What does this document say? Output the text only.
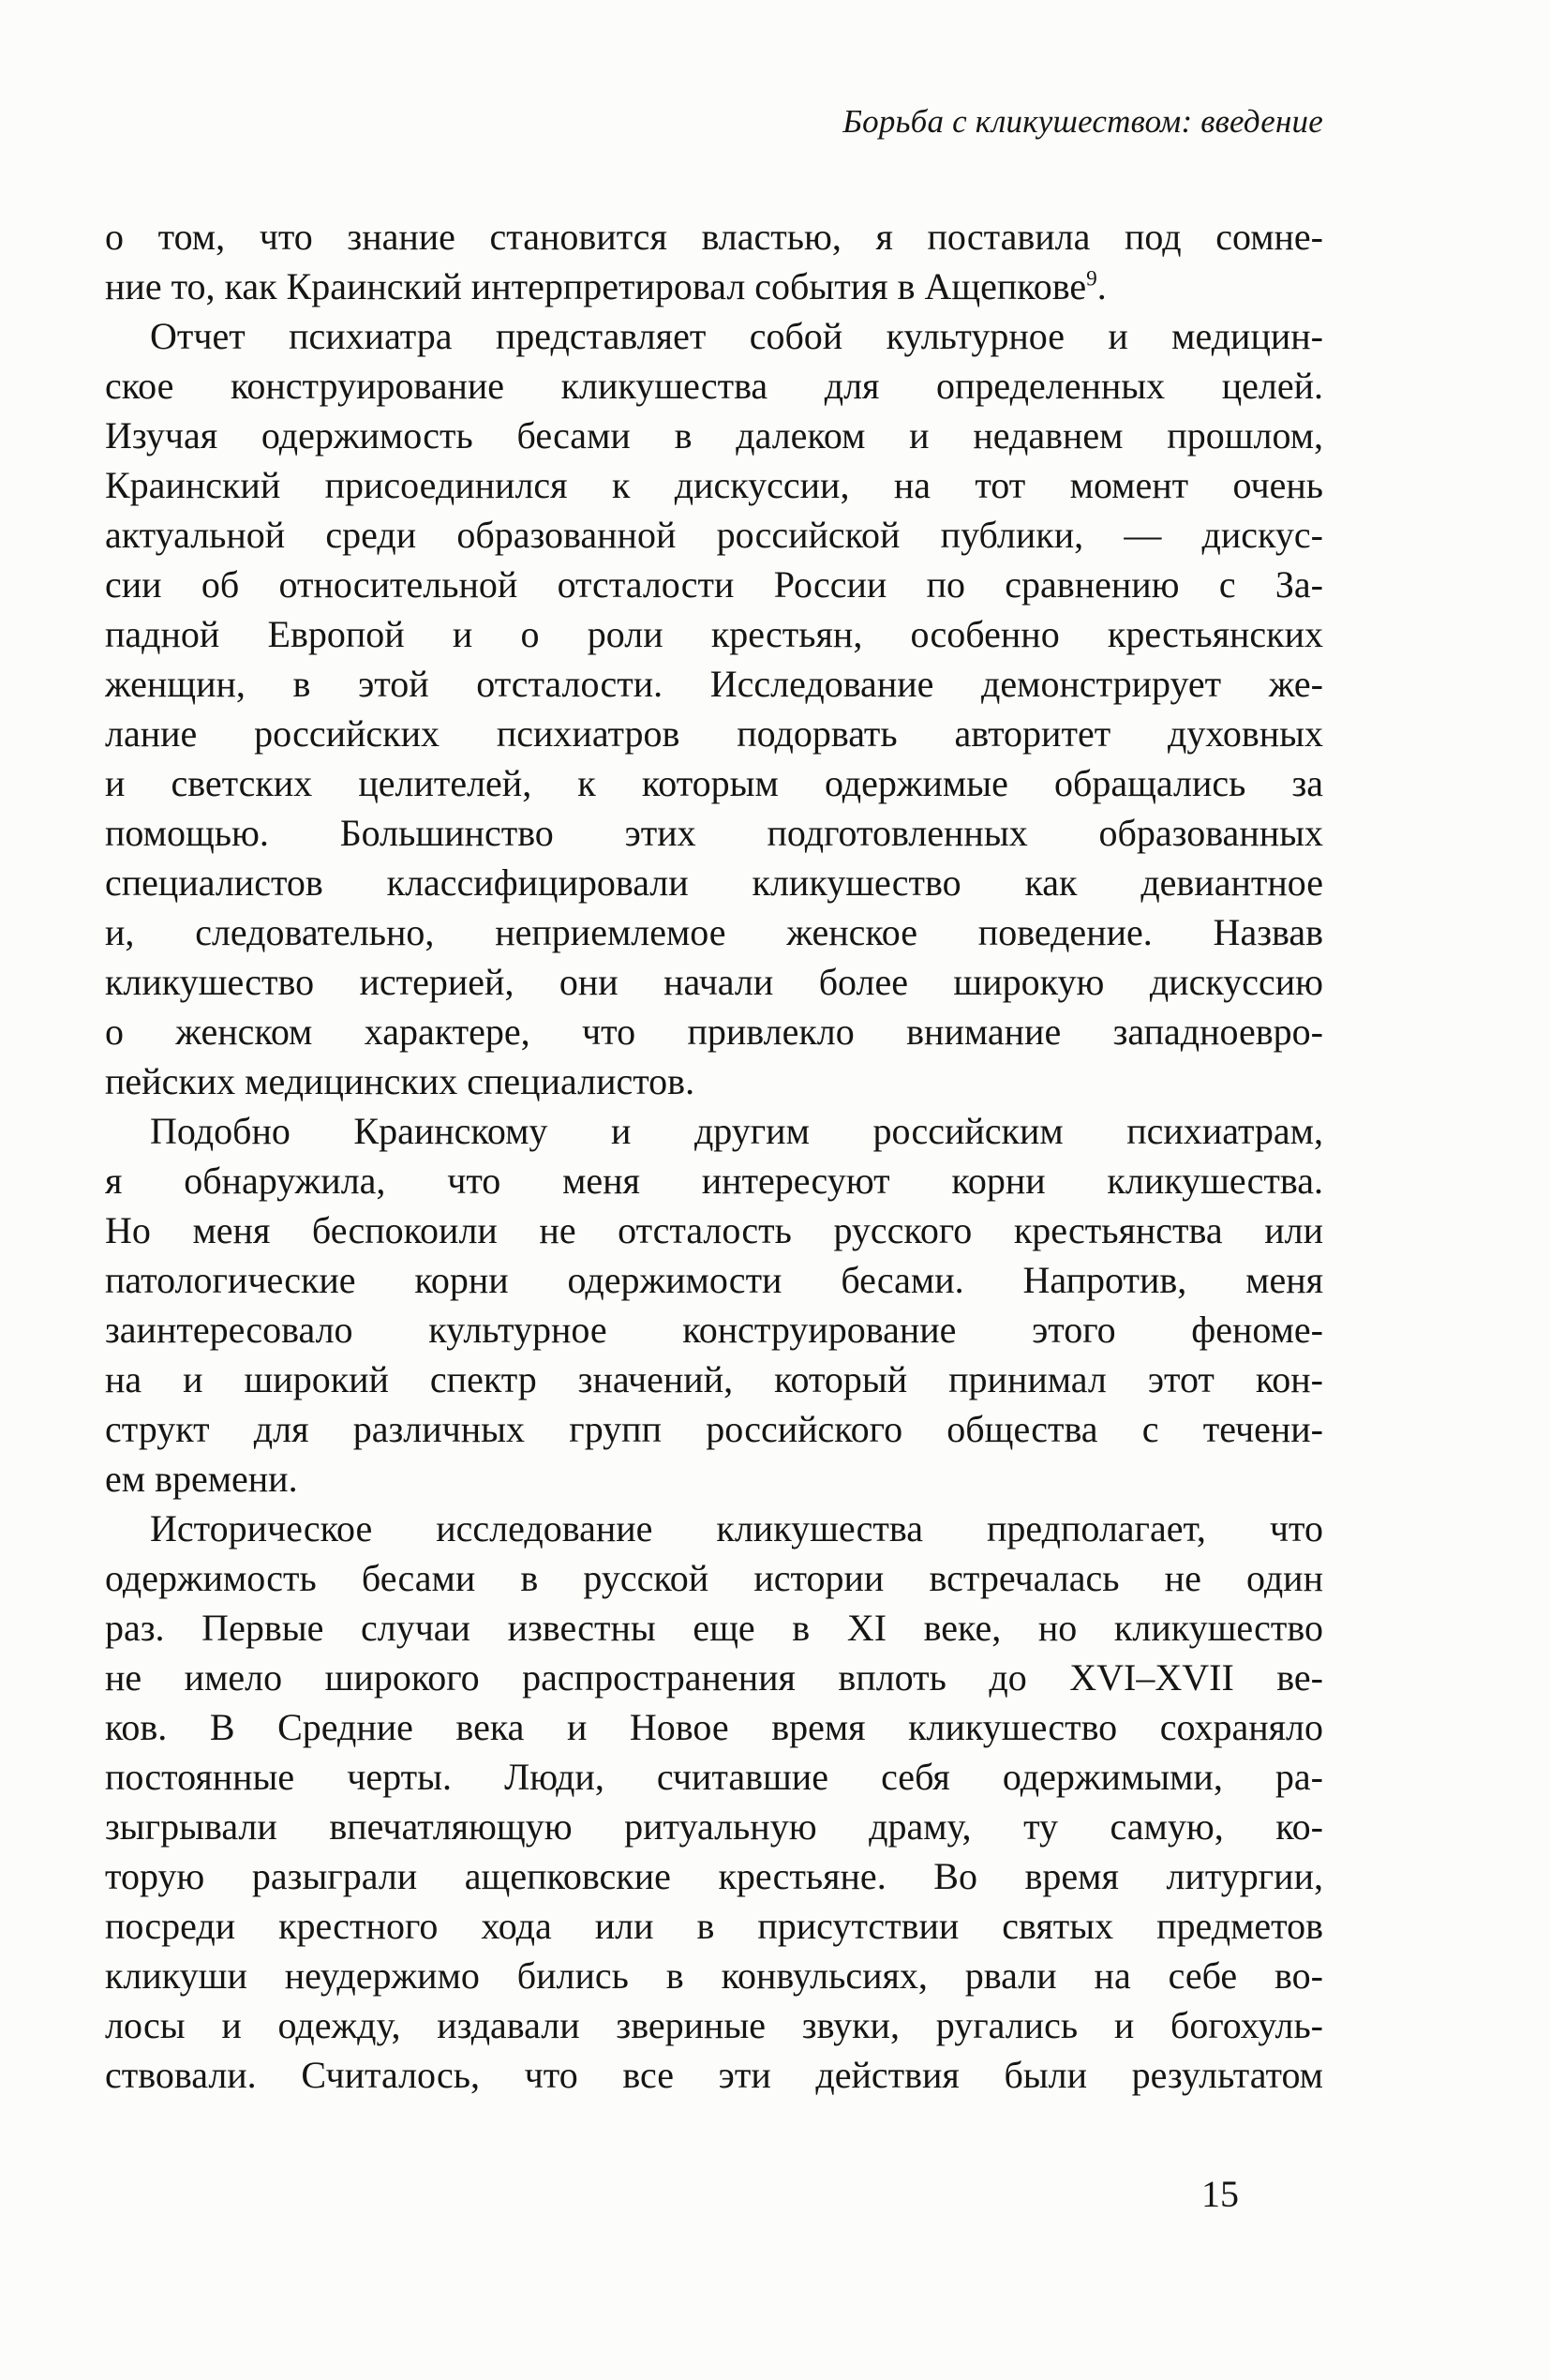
Борьба с кликушеством: введение
о том, что знание становится властью, я поставила под сомне-
ние то, как Краинский интерпретировал события в Ащепкове$^9$.
Отчет психиатра представляет собой культурное и медицин-
ское конструирование кликушества для определенных целей.
Изучая одержимость бесами в далеком и недавнем прошлом,
Краинский присоединился к дискуссии, на тот момент очень
актуальной среди образованной российской публики, — дискус-
сии об относительной отсталости России по сравнению с За-
падной Европой и о роли крестьян, особенно крестьянских
женщин, в этой отсталости. Исследование демонстрирует же-
лание российских психиатров подорвать авторитет духовных
и светских целителей, к которым одержимые обращались за
помощью. Большинство этих подготовленных образованных
специалистов классифицировали кликушество как девиантное
и, следовательно, неприемлемое женское поведение. Назвав
кликушество истерией, они начали более широкую дискуссию
о женском характере, что привлекло внимание западноевро-
пейских медицинских специалистов.
Подобно Краинскому и другим российским психиатрам,
я обнаружила, что меня интересуют корни кликушества.
Но меня беспокоили не отсталость русского крестьянства или
патологические корни одержимости бесами. Напротив, меня
заинтересовало культурное конструирование этого феноме-
на и широкий спектр значений, который принимал этот кон-
структ для различных групп российского общества с течени-
ем времени.
Историческое исследование кликушества предполагает, что
одержимость бесами в русской истории встречалась не один
раз. Первые случаи известны еще в XI веке, но кликушество
не имело широкого распространения вплоть до XVI–XVII ве-
ков. В Средние века и Новое время кликушество сохраняло
постоянные черты. Люди, считавшие себя одержимыми, ра-
зыгрывали впечатляющую ритуальную драму, ту самую, ко-
торую разыграли ащепковские крестьяне. Во время литургии,
посреди крестного хода или в присутствии святых предметов
кликуши неудержимо бились в конвульсиях, рвали на себе во-
лосы и одежду, издавали звериные звуки, ругались и богохуль-
ствовали. Считалось, что все эти действия были результатом
15
